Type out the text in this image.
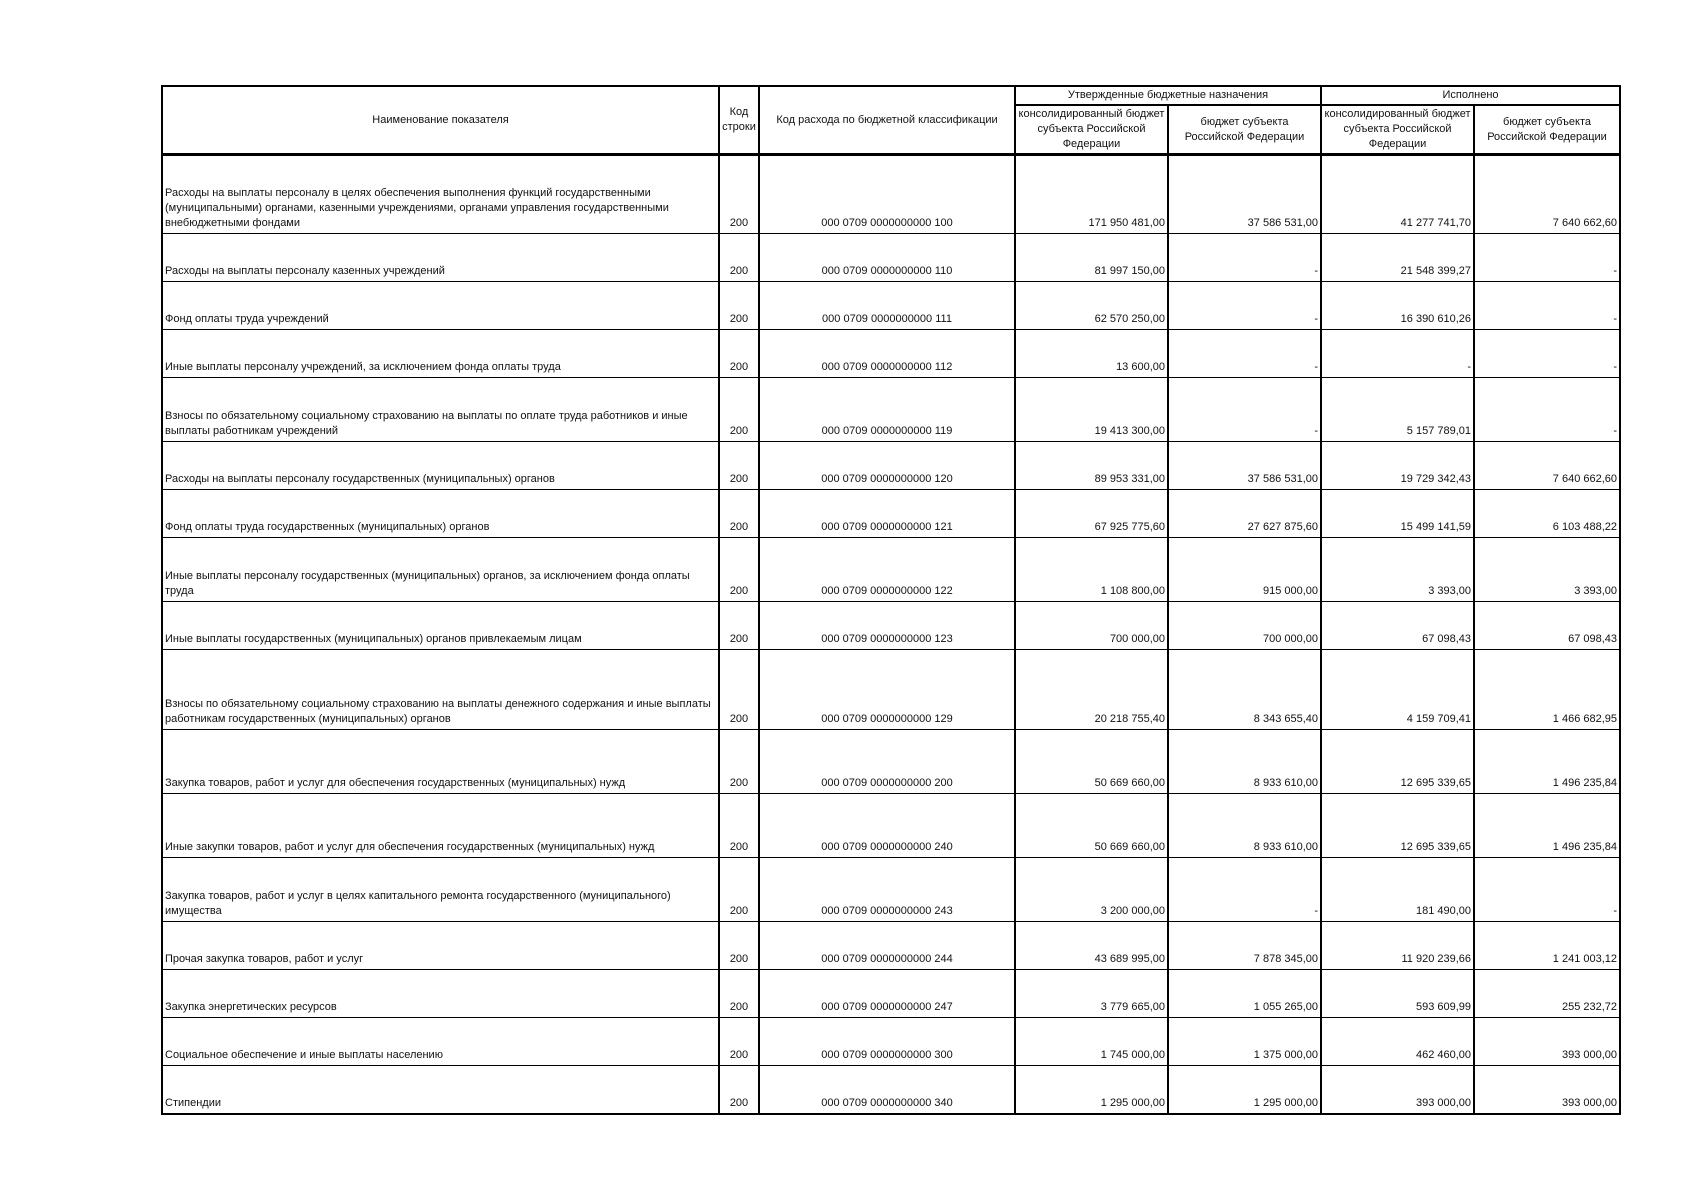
Наименование показателя	Код строки	Код расхода по бюджетной классификации	Утвержденные бюджетные назначения		Исполнено	
			консолидированный бюджет субъекта Российской Федерации	бюджет субъекта Российской Федерации	консолидированный бюджет субъекта Российской Федерации	бюджет субъекта Российской Федерации

Расходы на выплаты персоналу в целях обеспечения выполнения функций государственными (муниципальными) органами, казенными учреждениями, органами управления государственными внебюджетными фондами	200	000 0709 0000000000 100	171 950 481,00	37 586 531,00	41 277 741,70	7 640 662,60

Расходы на выплаты персоналу казенных учреждений	200	000 0709 0000000000 110	81 997 150,00	-	21 548 399,27	-

Фонд оплаты труда учреждений	200	000 0709 0000000000 111	62 570 250,00	-	16 390 610,26	-

Иные выплаты персоналу учреждений, за исключением фонда оплаты труда	200	000 0709 0000000000 112	13 600,00	-	-	-

Взносы по обязательному социальному страхованию на выплаты по оплате труда работников и иные выплаты работникам учреждений	200	000 0709 0000000000 119	19 413 300,00	-	5 157 789,01	-

Расходы на выплаты персоналу государственных (муниципальных) органов	200	000 0709 0000000000 120	89 953 331,00	37 586 531,00	19 729 342,43	7 640 662,60

Фонд оплаты труда государственных (муниципальных) органов	200	000 0709 0000000000 121	67 925 775,60	27 627 875,60	15 499 141,59	6 103 488,22

Иные выплаты персоналу государственных (муниципальных) органов, за исключением фонда оплаты труда	200	000 0709 0000000000 122	1 108 800,00	915 000,00	3 393,00	3 393,00

Иные выплаты государственных (муниципальных) органов привлекаемым лицам	200	000 0709 0000000000 123	700 000,00	700 000,00	67 098,43	67 098,43

Взносы по обязательному социальному страхованию на выплаты денежного содержания и иные выплаты работникам государственных (муниципальных) органов	200	000 0709 0000000000 129	20 218 755,40	8 343 655,40	4 159 709,41	1 466 682,95

Закупка товаров, работ и услуг для обеспечения государственных (муниципальных) нужд	200	000 0709 0000000000 200	50 669 660,00	8 933 610,00	12 695 339,65	1 496 235,84

Иные закупки товаров, работ и услуг для обеспечения государственных (муниципальных) нужд	200	000 0709 0000000000 240	50 669 660,00	8 933 610,00	12 695 339,65	1 496 235,84

Закупка товаров, работ и услуг в целях капитального ремонта государственного (муниципального) имущества	200	000 0709 0000000000 243	3 200 000,00	-	181 490,00	-

Прочая закупка товаров, работ и услуг	200	000 0709 0000000000 244	43 689 995,00	7 878 345,00	11 920 239,66	1 241 003,12

Закупка энергетических ресурсов	200	000 0709 0000000000 247	3 779 665,00	1 055 265,00	593 609,99	255 232,72

Социальное обеспечение и иные выплаты населению	200	000 0709 0000000000 300	1 745 000,00	1 375 000,00	462 460,00	393 000,00

Стипендии	200	000 0709 0000000000 340	1 295 000,00	1 295 000,00	393 000,00	393 000,00
